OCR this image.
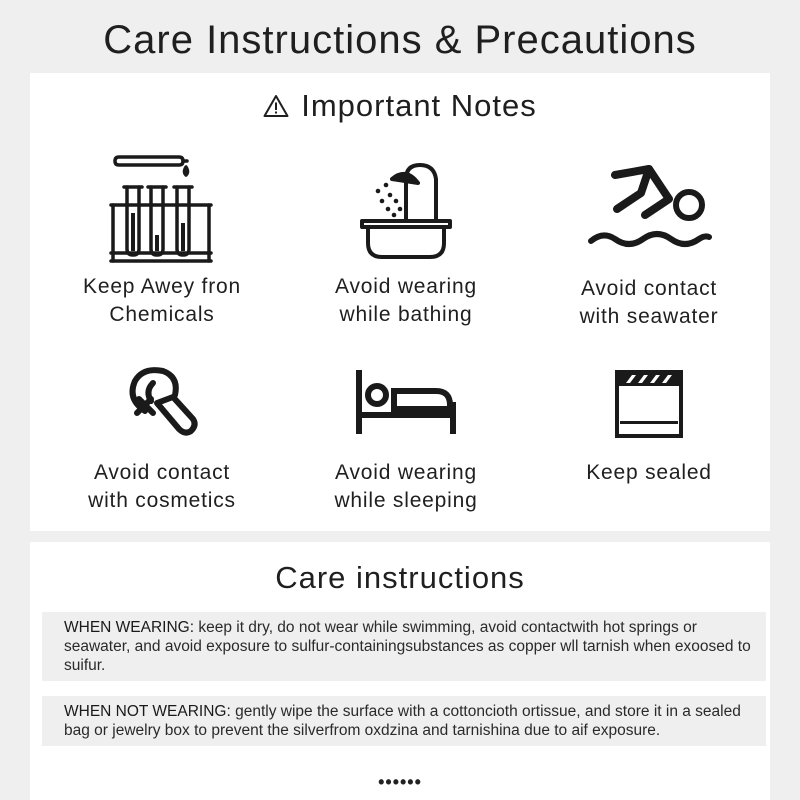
Care Instructions & Precautions
Important Notes
Keep Awey fron
Chemicals
Avoid wearing
while bathing
Avoid contact
with seawater
Avoid contact
with cosmetics
Avoid wearing
while sleeping
Keep sealed
Care instructions
WHEN WEARING: keep it dry, do not wear while swimming, avoid contactwith hot springs or seawater, and avoid exposure to sulfur-containingsubstances as copper wll tarnish when exoosed to suifur.
WHEN NOT WEARING: gently wipe the surface with a cottonciоth ortissue, and store it in a sealed bag or jewelry box to prevent the silverfrom oxdzina and tarnishina due to aif exposure.
••••••
